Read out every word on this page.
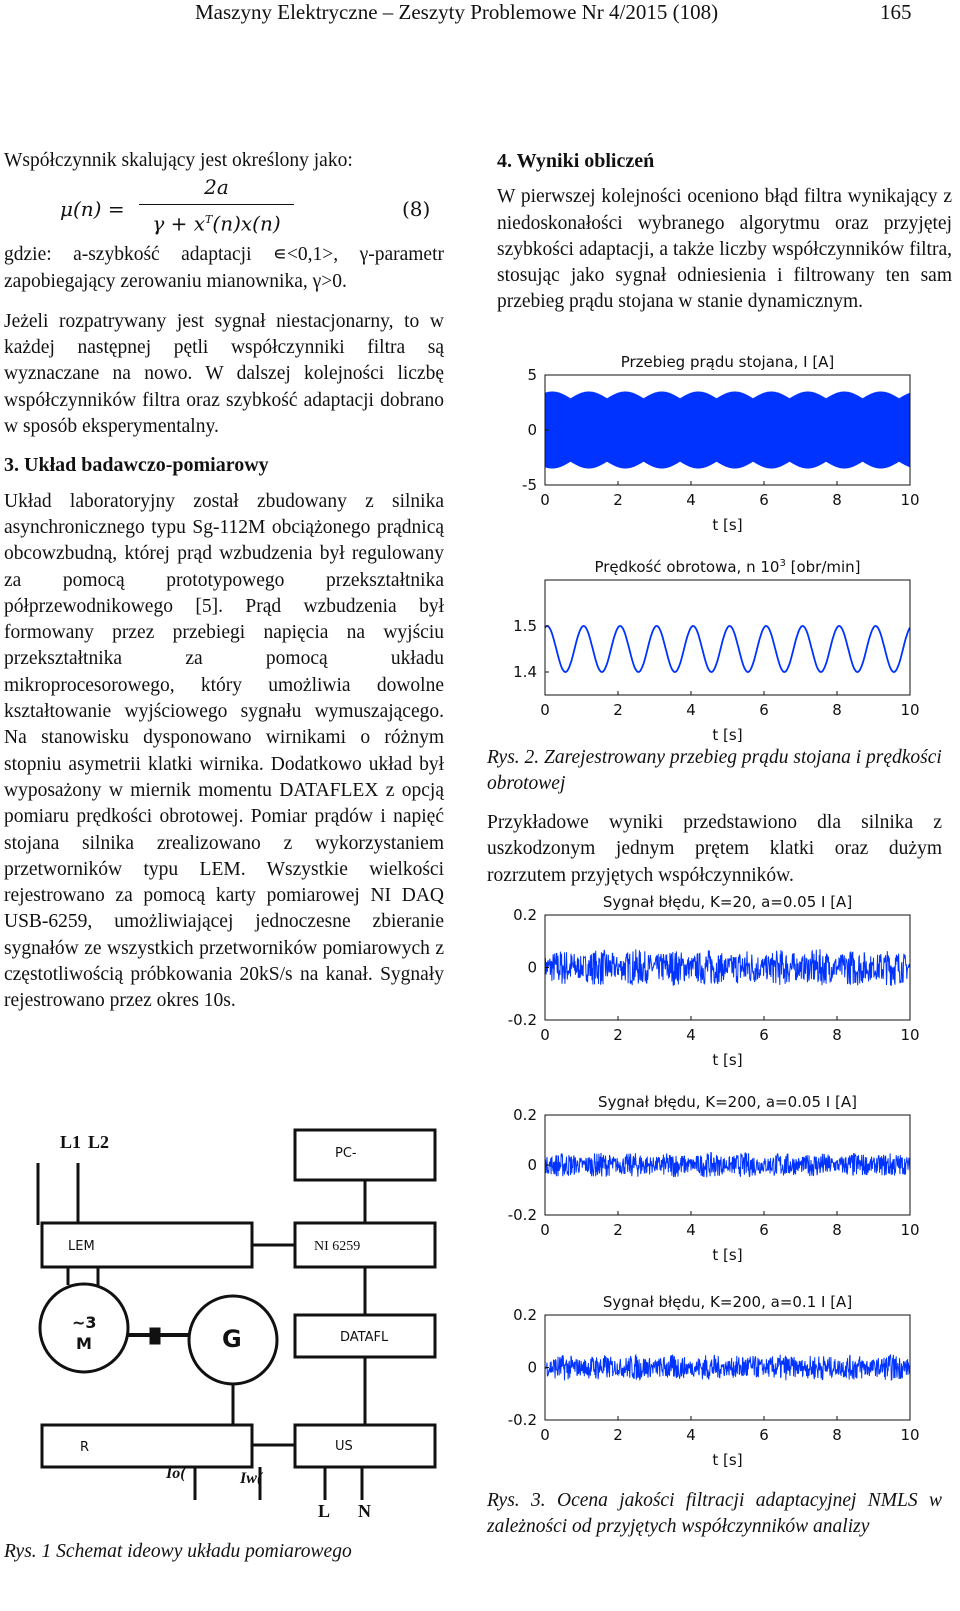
Maszyny Elektryczne – Zeszyty Problemowe Nr 4/2015 (108)	165

Współczynnik skalujący jest określony jako:

μ(n) =
2a
$\gamma + x^T(n)x(n)$
(8)

gdzie: a-szybkość adaptacji ∊<0,1>, γ-parametr zapobiegający zerowaniu mianownika, γ>0.

Jeżeli rozpatrywany jest sygnał niestacjonarny, to w każdej następnej pętli współczynniki filtra są wyznaczane na nowo. W dalszej kolejności liczbę współczynników filtra oraz szybkość adaptacji dobrano w sposób eksperymentalny.

3. Układ badawczo-pomiarowy

Układ laboratoryjny został zbudowany z silnika asynchronicznego typu Sg-112M obciążonego prądnicą obcowzbudną, której prąd wzbudzenia był regulowany za pomocą prototypowego przekształtnika półprzewodnikowego [5]. Prąd wzbudzenia był formowany przez przebiegi napięcia na wyjściu przekształtnika za pomocą układu mikroprocesorowego, który umożliwia dowolne kształtowanie wyjściowego sygnału wymuszającego. Na stanowisku dysponowano wirnikami o różnym stopniu asymetrii klatki wirnika. Dodatkowo układ był wyposażony w miernik momentu DATAFLEX z opcją pomiaru prędkości obrotowej. Pomiar prądów i napięć stojana silnika zrealizowano z wykorzystaniem przetworników typu LEM. Wszystkie wielkości rejestrowano za pomocą karty pomiarowej NI DAQ USB-6259, umożliwiającej jednoczesne zbieranie sygnałów ze wszystkich przetworników pomiarowych z częstotliwością próbkowania 20kS/s na kanał. Sygnały rejestrowano przez okres 10s.

L1 L2
PC-
LEM
DATAFL
R	US
NI 6259
~3
M	G
Io(	Iw(
L N
Rys. 1 Schemat ideowy układu pomiarowego

4. Wyniki obliczeń

W pierwszej kolejności oceniono błąd filtra wynikający z niedoskonałości wybranego algorytmu oraz przyjętej szybkości adaptacji, a także liczby współczynników filtra, stosując jako sygnał odniesienia i filtrowany ten sam przebieg prądu stojana w stanie dynamicznym.

Przebieg prądu stojana, I [A]
0	2	4	6	8	10
5
0
-5
t [s]
Prędkość obrotowa, n $10^3$ [obr/min]
0	2	4	6	8	10
1.5
1.4
t [s]
Sygnał błędu, K=20, a=0.05 I [A]
0	2	4	6	8	10
0.2
0
-0.2
t [s]
Sygnał błędu, K=200, a=0.05 I [A]
0	2	4	6	8	10
0.2
0
-0.2
t [s]
Sygnał błędu, K=200, a=0.1 I [A]
0	2	4	6	8	10
0.2
0
-0.2
t [s]
Rys. 2. Zarejestrowany przebieg prądu stojana i prędkości obrotowej

Przykładowe wyniki przedstawiono dla silnika z uszkodzonym jednym prętem klatki oraz dużym rozrzutem przyjętych współczynników.

Rys. 3. Ocena jakości filtracji adaptacyjnej NMLS w zależności od przyjętych współczynników analizy
